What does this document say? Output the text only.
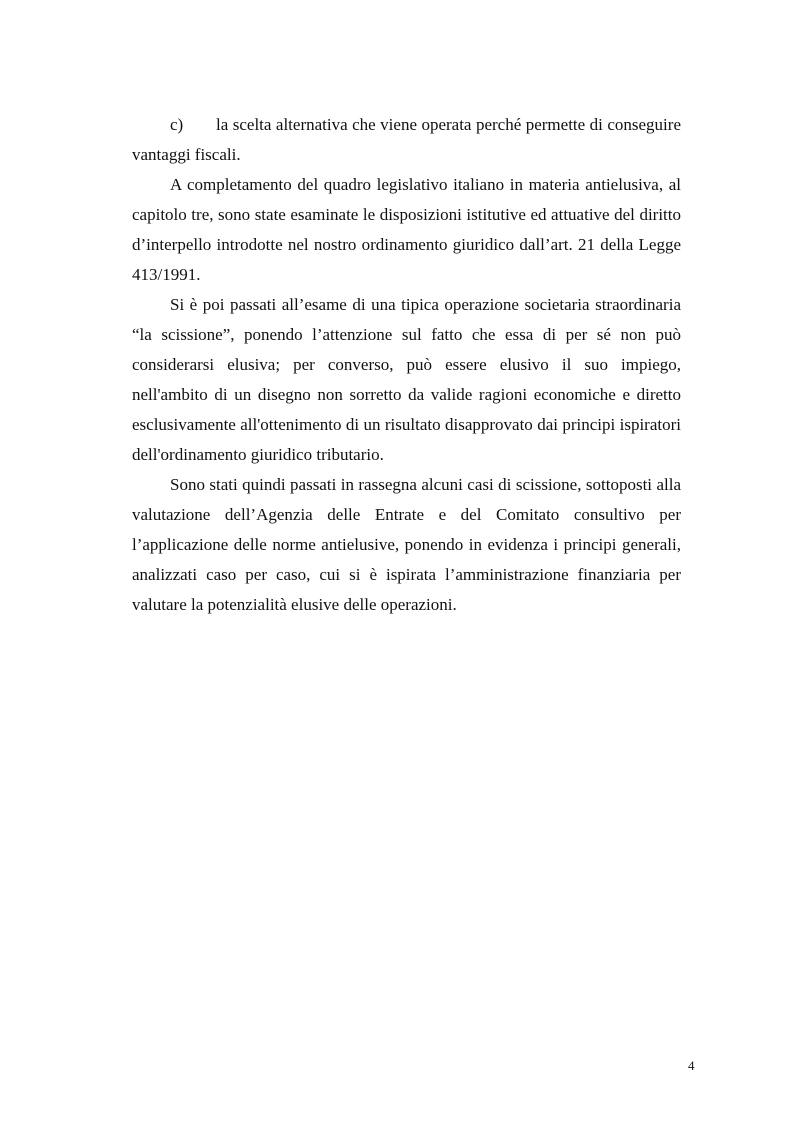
c) la scelta alternativa che viene operata perché permette di conseguire vantaggi fiscali.

A completamento del quadro legislativo italiano in materia antielusiva, al capitolo tre, sono state esaminate le disposizioni istitutive ed attuative del diritto d’interpello introdotte nel nostro ordinamento giuridico dall’art. 21 della Legge 413/1991.

Si è poi passati all’esame di una tipica operazione societaria straordinaria “la scissione”, ponendo l’attenzione sul fatto che essa di per sé non può considerarsi elusiva; per converso, può essere elusivo il suo impiego, nell'ambito di un disegno non sorretto da valide ragioni economiche e diretto esclusivamente all'ottenimento di un risultato disapprovato dai principi ispiratori dell'ordinamento giuridico tributario.

Sono stati quindi passati in rassegna alcuni casi di scissione, sottoposti alla valutazione dell’Agenzia delle Entrate e del Comitato consultivo per l’applicazione delle norme antielusive, ponendo in evidenza i principi generali, analizzati caso per caso, cui si è ispirata l’amministrazione finanziaria per valutare la potenzialità elusive delle operazioni.

4
